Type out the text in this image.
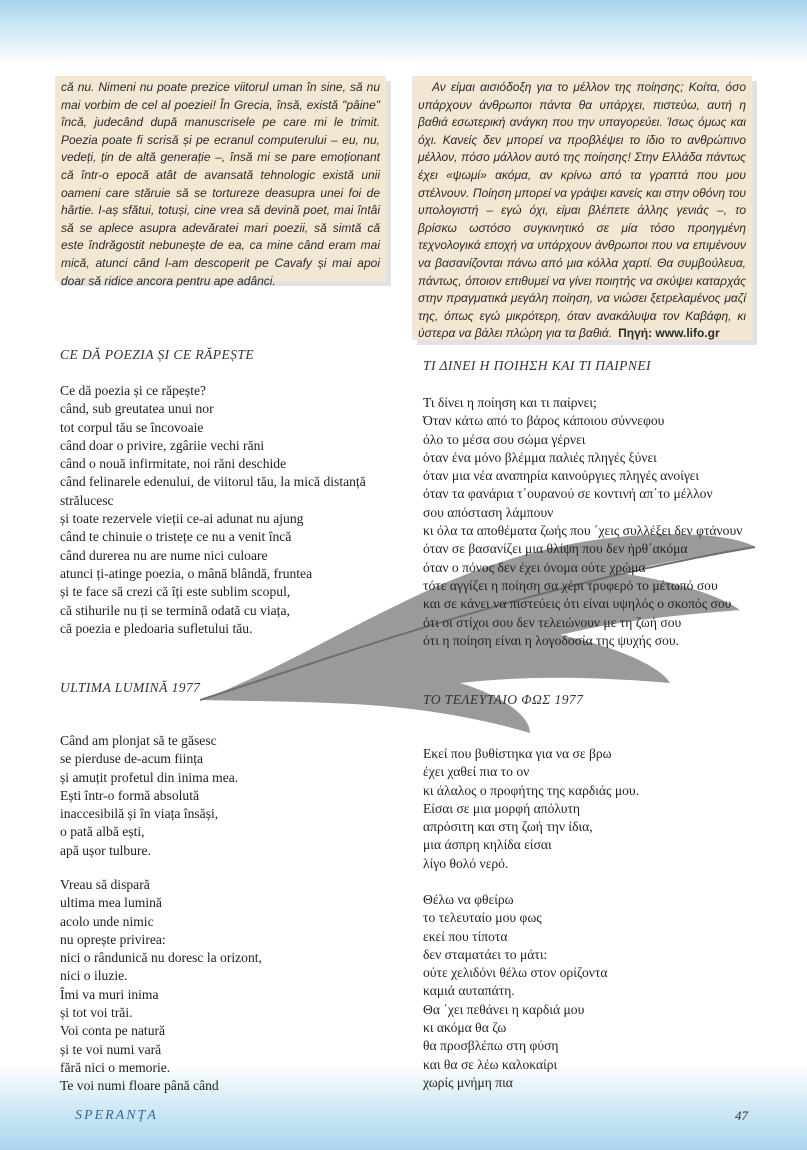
că nu. Nimeni nu poate prezice viitorul uman în sine, să nu mai vorbim de cel al poeziei! În Grecia, însă, există "pâine" încă, judecând după manuscrisele pe care mi le trimit. Poezia poate fi scrisă și pe ecranul computerului – eu, nu, vedeți, țin de altă generație –, însă mi se pare emoționant că într-o epocă atât de avansată tehnologic există unii oameni care stăruie să se tortureze deasupra unei foi de hârtie. I-aș sfătui, totuși, cine vrea să devină poet, mai întâi să se aplece asupra adevăratei mari poezii, să simtă că este îndrăgostit nebunește de ea, ca mine când eram mai mică, atunci când l-am descoperit pe Cavafy și mai apoi doar să ridice ancora pentru ape adânci.
Αν είμαι αισιόδοξη για το μέλλον της ποίησης; Κοίτα, όσο υπάρχουν άνθρωποι πάντα θα υπάρχει, πιστεύω, αυτή η βαθιά εσωτερική ανάγκη που την υπαγορεύει. Ίσως όμως και όχι. Κανείς δεν μπορεί να προβλέψει το ίδιο το ανθρώπινο μέλλον, πόσο μάλλον αυτό της ποίησης! Στην Ελλάδα πάντως έχει «ψωμί» ακόμα, αν κρίνω από τα γραπτά που μου στέλνουν. Ποίηση μπορεί να γράψει κανείς και στην οθόνη του υπολογιστή – εγώ όχι, είμαι βλέπετε άλλης γενιάς –, το βρίσκω ωστόσο συγκινητικό σε μία τόσο προηγμένη τεχνολογικά εποχή να υπάρχουν άνθρωποι που να επιμένουν να βασανίζονται πάνω από μια κόλλα χαρτί. Θα συμβούλευα, πάντως, όποιον επιθυμεί να γίνει ποιητής να σκύψει καταρχάς στην πραγματικά μεγάλη ποίηση, να νιώσει ξετρελαμένος μαζί της, όπως εγώ μικρότερη, όταν ανακάλυψα τον Καβάφη, κι ύστερα να βάλει πλώρη για τα βαθιά. Πηγή: www.lifo.gr
CE DĂ POEZIA ȘI CE RĂPEȘTE
Ce dă poezia și ce răpește?
când, sub greutatea unui nor
tot corpul tău se încovoaie
când doar o privire, zgâriie vechi răni
când o nouă infirmitate, noi răni deschide
când felinarele edenului, de viitorul tău, la mică distanță
strălucesc
și toate rezervele vieții ce-ai adunat nu ajung
când te chinuie o tristețe ce nu a venit încă
când durerea nu are nume nici culoare
atunci ți-atinge poezia, o mână blândă, fruntea
și te face să crezi că îți este sublim scopul,
că stihurile nu ți se termină odată cu viața,
că poezia e pledoaria sufletului tău.
ΤΙ ΔΙΝΕΙ Η ΠΟΙΗΣΗ ΚΑΙ ΤΙ ΠΑΙΡΝΕΙ
Τι δίνει η ποίηση και τι παίρνει;
Όταν κάτω από το βάρος κάποιου σύννεφου
όλο το μέσα σου σώμα γέρνει
όταν ένα μόνο βλέμμα παλιές πληγές ξύνει
όταν μια νέα αναπηρία καινούργιες πληγές ανοίγει
όταν τα φανάρια τ΄ουρανού σε κοντινή απ΄το μέλλον
σου απόσταση λάμπουν
κι όλα τα αποθέματα ζωής που ΄χεις συλλέξει δεν φτάνουν
όταν σε βασανίζει μια θλίψη που δεν ήρθ΄ακόμα
όταν ο πόνος δεν έχει όνομα ούτε χρώμα
τότε αγγίζει η ποίηση σα χέρι τρυφερό το μέτωπό σου
και σε κάνει να πιστεύεις ότι είναι υψηλός ο σκοπός σου
ότι οι στίχοι σου δεν τελειώνουν με τη ζωή σου
ότι η ποίηση είναι η λογοδοσία της ψυχής σου.
ULTIMA LUMINĂ 1977
Când am plonjat să te găsesc
se pierduse de-acum ființa
și amuțit profetul din inima mea.
Ești într-o formă absolută
inaccesibilă și în viața însăși,
o pată albă ești,
apă ușor tulbure.
Vreau să dispară
ultima mea lumină
acolo unde nimic
nu oprește privirea:
nici o rândunică nu doresc la orizont,
nici o iluzie.
Îmi va muri inima
și tot voi trăi.
Voi conta pe natură
și te voi numi vară
fără nici o memorie.
Te voi numi floare până când
ΤΟ ΤΕΛΕΥΤΑΙΟ ΦΩΣ 1977
Εκεί που βυθίστηκα για να σε βρω
έχει χαθεί πια το ον
κι άλαλος ο προφήτης της καρδιάς μου.
Είσαι σε μια μορφή απόλυτη
απρόσιτη και στη ζωή την ίδια,
μια άσπρη κηλίδα είσαι
λίγο θολό νερό.
Θέλω να φθείρω
το τελευταίο μου φως
εκεί που τίποτα
δεν σταματάει το μάτι:
ούτε χελιδόνι θέλω στον ορίζοντα
καμιά αυταπάτη.
Θα ΄χει πεθάνει η καρδιά μου
κι ακόμα θα ζω
θα προσβλέπω στη φύση
και θα σε λέω καλοκαίρι
χωρίς μνήμη πια
SPERANȚA	47
